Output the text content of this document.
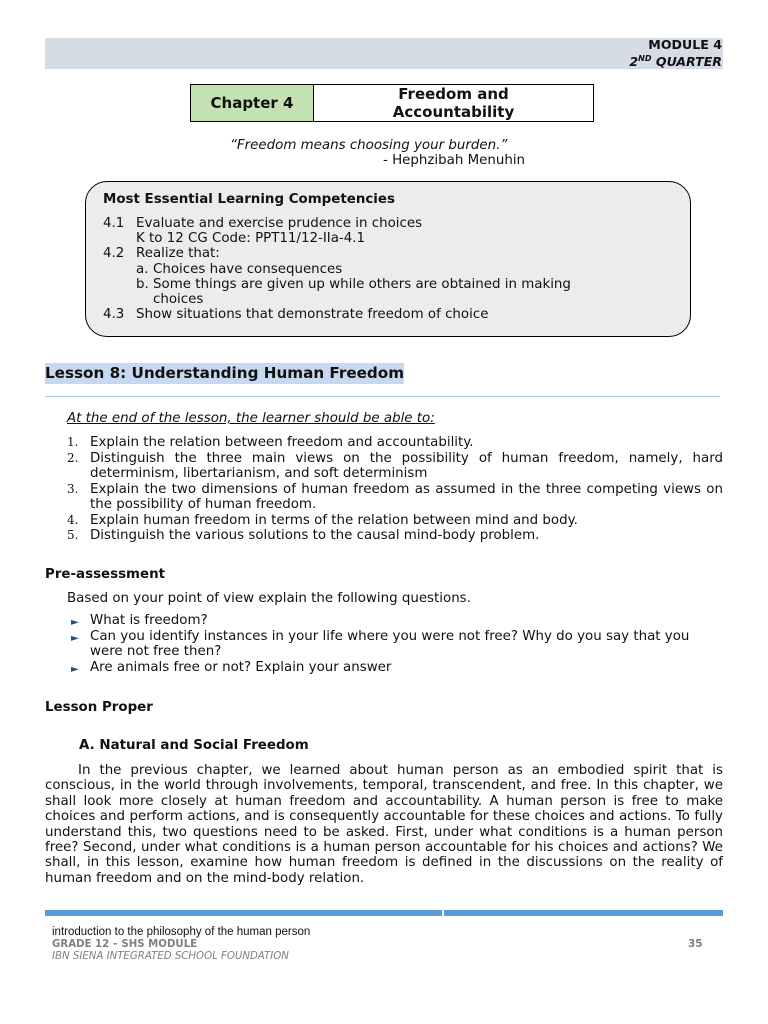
MODULE 4
2ND QUARTER
Chapter 4	Freedom and Accountability
“Freedom means choosing your burden.”
- Hephzibah Menuhin
Most Essential Learning Competencies
4.1 Evaluate and exercise prudence in choices
K to 12 CG Code: PPT11/12-IIa-4.1
4.2 Realize that:
a. Choices have consequences
b. Some things are given up while others are obtained in making
choices
4.3 Show situations that demonstrate freedom of choice
Lesson 8: Understanding Human Freedom
At the end of the lesson, the learner should be able to:
1. Explain the relation between freedom and accountability.
2. Distinguish the three main views on the possibility of human freedom, namely, hard determinism, libertarianism, and soft determinism
3. Explain the two dimensions of human freedom as assumed in the three competing views on the possibility of human freedom.
4. Explain human freedom in terms of the relation between mind and body.
5. Distinguish the various solutions to the causal mind-body problem.
Pre-assessment
Based on your point of view explain the following questions.
► What is freedom?
► Can you identify instances in your life where you were not free? Why do you say that you were not free then?
► Are animals free or not? Explain your answer
Lesson Proper
A. Natural and Social Freedom
In the previous chapter, we learned about human person as an embodied spirit that is conscious, in the world through involvements, temporal, transcendent, and free. In this chapter, we shall look more closely at human freedom and accountability. A human person is free to make choices and perform actions, and is consequently accountable for these choices and actions. To fully understand this, two questions need to be asked. First, under what conditions is a human person free? Second, under what conditions is a human person accountable for his choices and actions? We shall, in this lesson, examine how human freedom is defined in the discussions on the reality of human freedom and on the mind-body relation.
introduction to the philosophy of the human person
GRADE 12 – SHS MODULE
IBN SIENA INTEGRATED SCHOOL FOUNDATION
35
